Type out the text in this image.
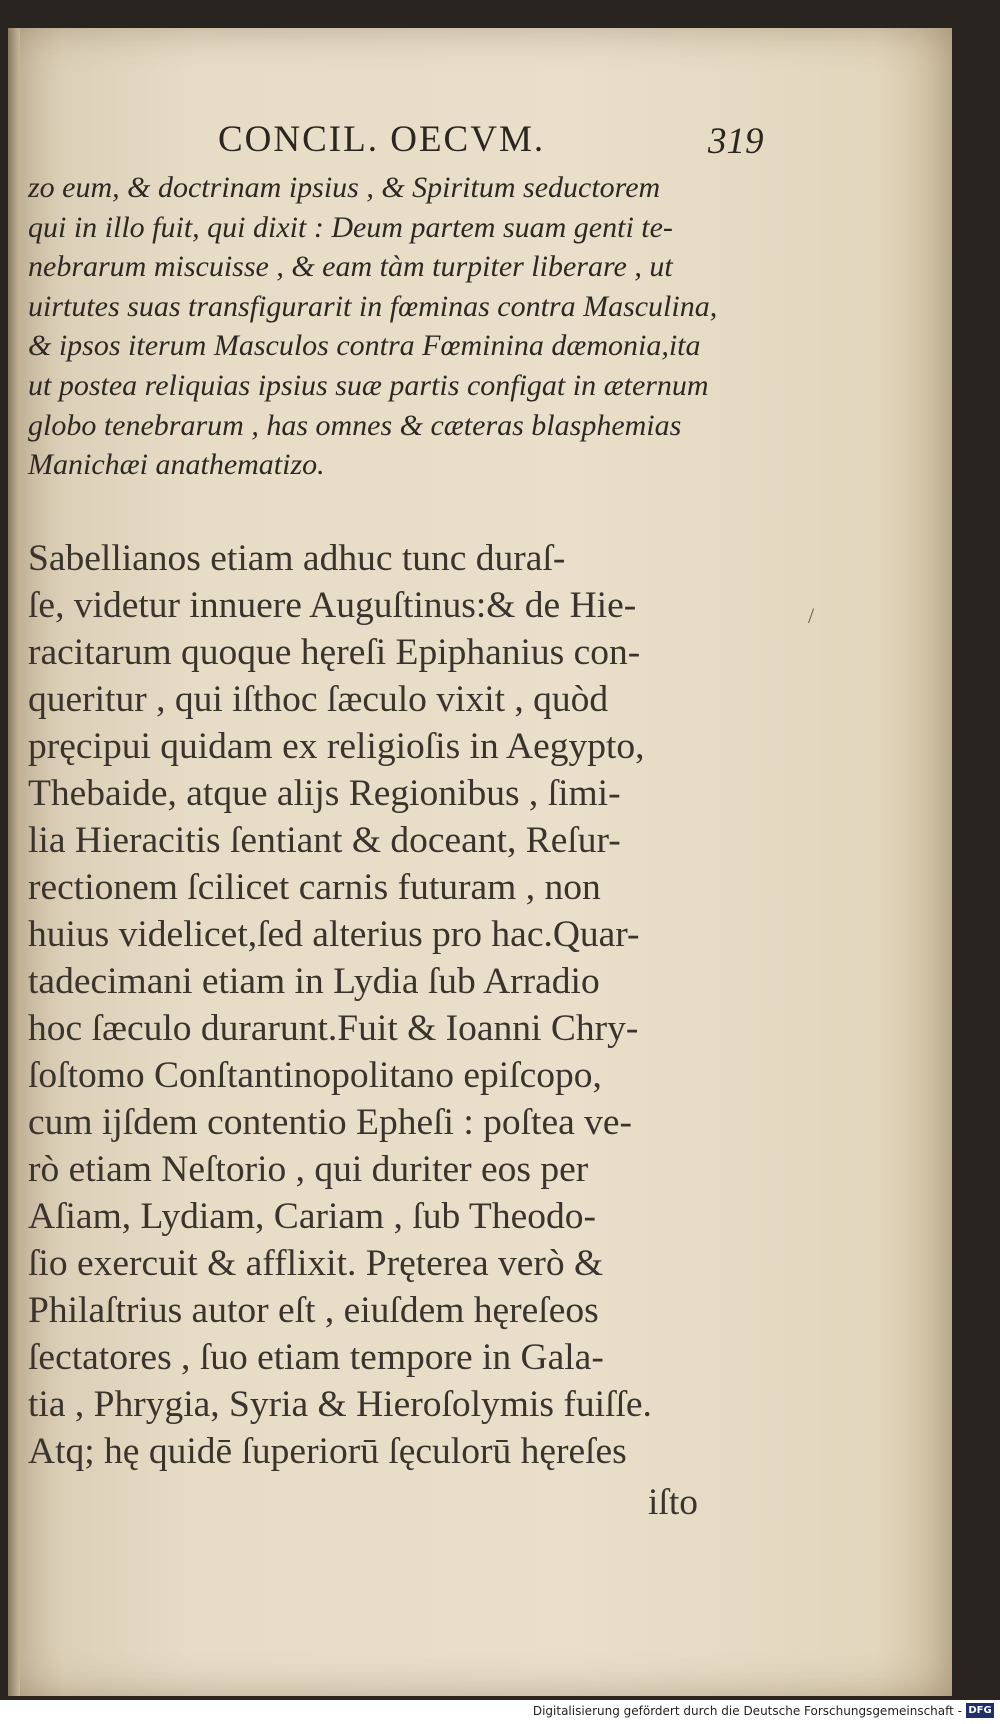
CONCIL. OECVM.	319
zo eum, & doctrinam ipsius , & Spiritum seductorem
qui in illo fuit, qui dixit : Deum partem suam genti te-
nebrarum miscuisse , & eam tàm turpiter liberare , ut
uirtutes suas transfigurarit in fœminas contra Masculina,
& ipsos iterum Masculos contra Fœminina dæmonia,ita
ut postea reliquias ipsius suæ partis configat in æternum
globo tenebrarum , has omnes & cæteras blasphemias
Manichæi anathematizo.
Sabellianos etiam adhuc tunc duraſ-
ſe, videtur innuere Auguſtinus:& de Hie-
racitarum quoque hęreſi Epiphanius con-
queritur , qui iſthoc ſæculo vixit , quòd
pręcipui quidam ex religioſis in Aegypto,
Thebaide, atque alijs Regionibus , ſimi-
lia Hieracitis ſentiant & doceant, Reſur-
rectionem ſcilicet carnis futuram , non
huius videlicet,ſed alterius pro hac.Quar-
tadecimani etiam in Lydia ſub Arradio
hoc ſæculo durarunt.Fuit & Ioanni Chry-
ſoſtomo Conſtantinopolitano epiſcopo,
cum ijſdem contentio Epheſi : poſtea ve-
rò etiam Neſtorio , qui duriter eos per
Aſiam, Lydiam, Cariam , ſub Theodo-
ſio exercuit & afflixit. Pręterea verò &
Philaſtrius autor eſt , eiuſdem hęreſeos
ſectatores , ſuo etiam tempore in Gala-
tia , Phrygia, Syria & Hieroſolymis fuiſſe.
Atq; hę quidē ſuperiorū ſęculorū hęreſes
iſto
/
Digitalisierung gefördert durch die Deutsche Forschungsgemeinschaft - DFG
